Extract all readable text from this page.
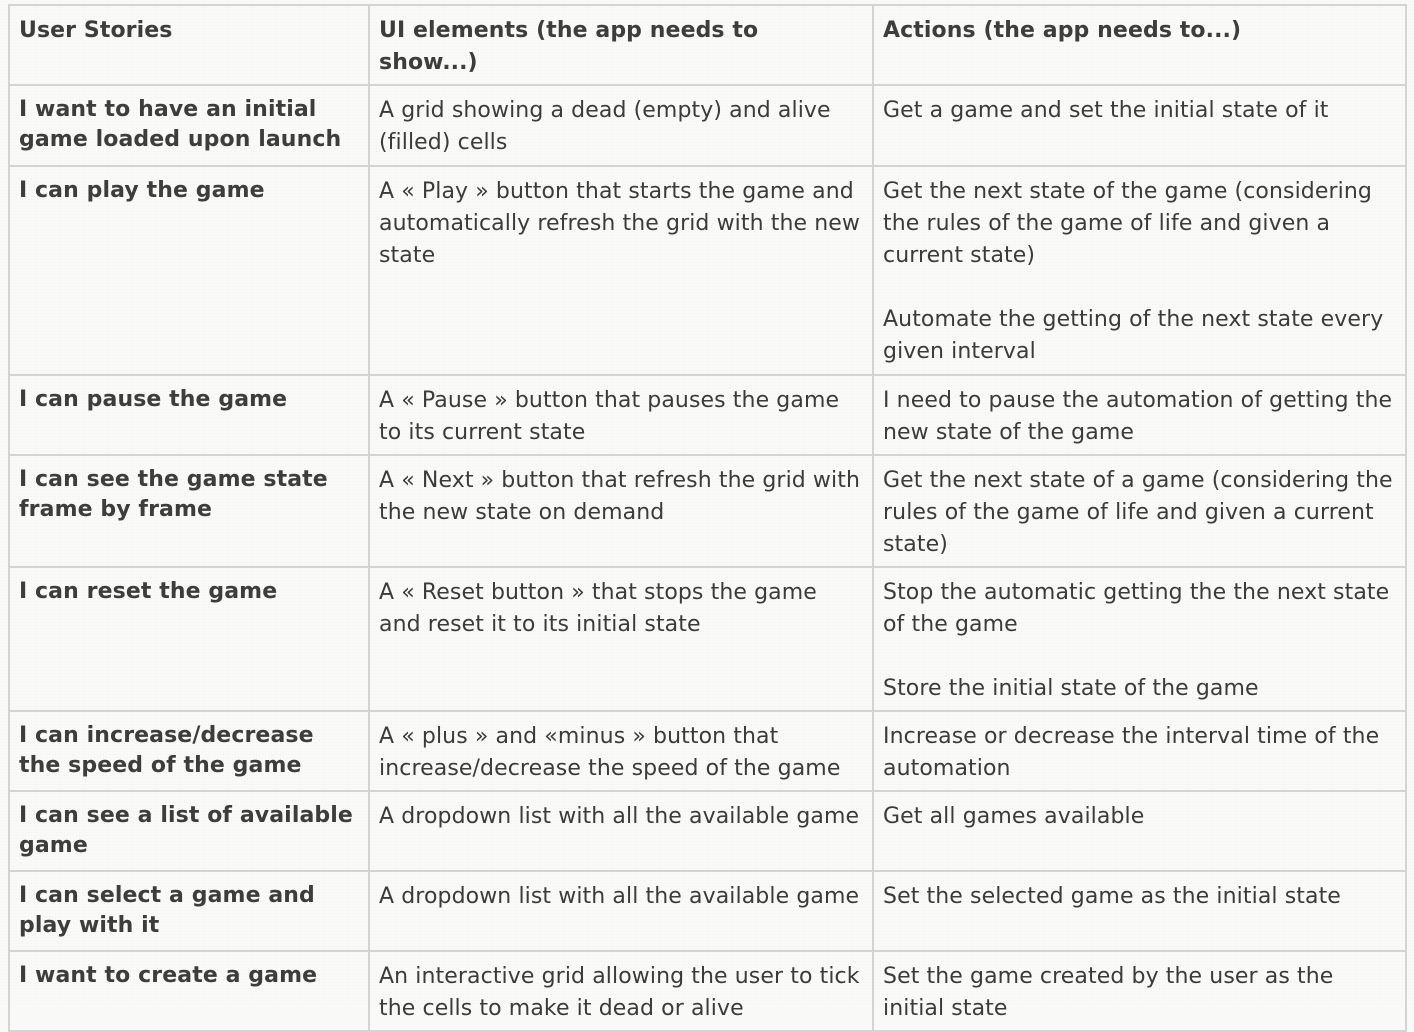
User Stories	UI elements (the app needs to show...)	Actions (the app needs to...)
I want to have an initial game loaded upon launch	A grid showing a dead (empty) and alive (filled) cells	Get a game and set the initial state of it

I can play the game	A « Play » button that starts the game and automatically refresh the grid with the new state	Get the next state of the game (considering the rules of the game of life and given a current state)
Automate the getting of the next state every given interval

I can pause the game	A « Pause » button that pauses the game to its current state	I need to pause the automation of getting the new state of the game

I can see the game state frame by frame	A « Next » button that refresh the grid with the new state on demand	Get the next state of a game (considering the rules of the game of life and given a current state)

I can reset the game	A « Reset button » that stops the game and reset it to its initial state	Stop the automatic getting the the next state of the game
Store the initial state of the game

I can increase/decrease the speed of the game	A « plus » and «minus » button that increase/decrease the speed of the game	Increase or decrease the interval time of the automation

I can see a list of available game	A dropdown list with all the available game	Get all games available

I can select a game and play with it	A dropdown list with all the available game	Set the selected game as the initial state

I want to create a game	An interactive grid allowing the user to tick the cells to make it dead or alive	Set the game created by the user as the initial state
